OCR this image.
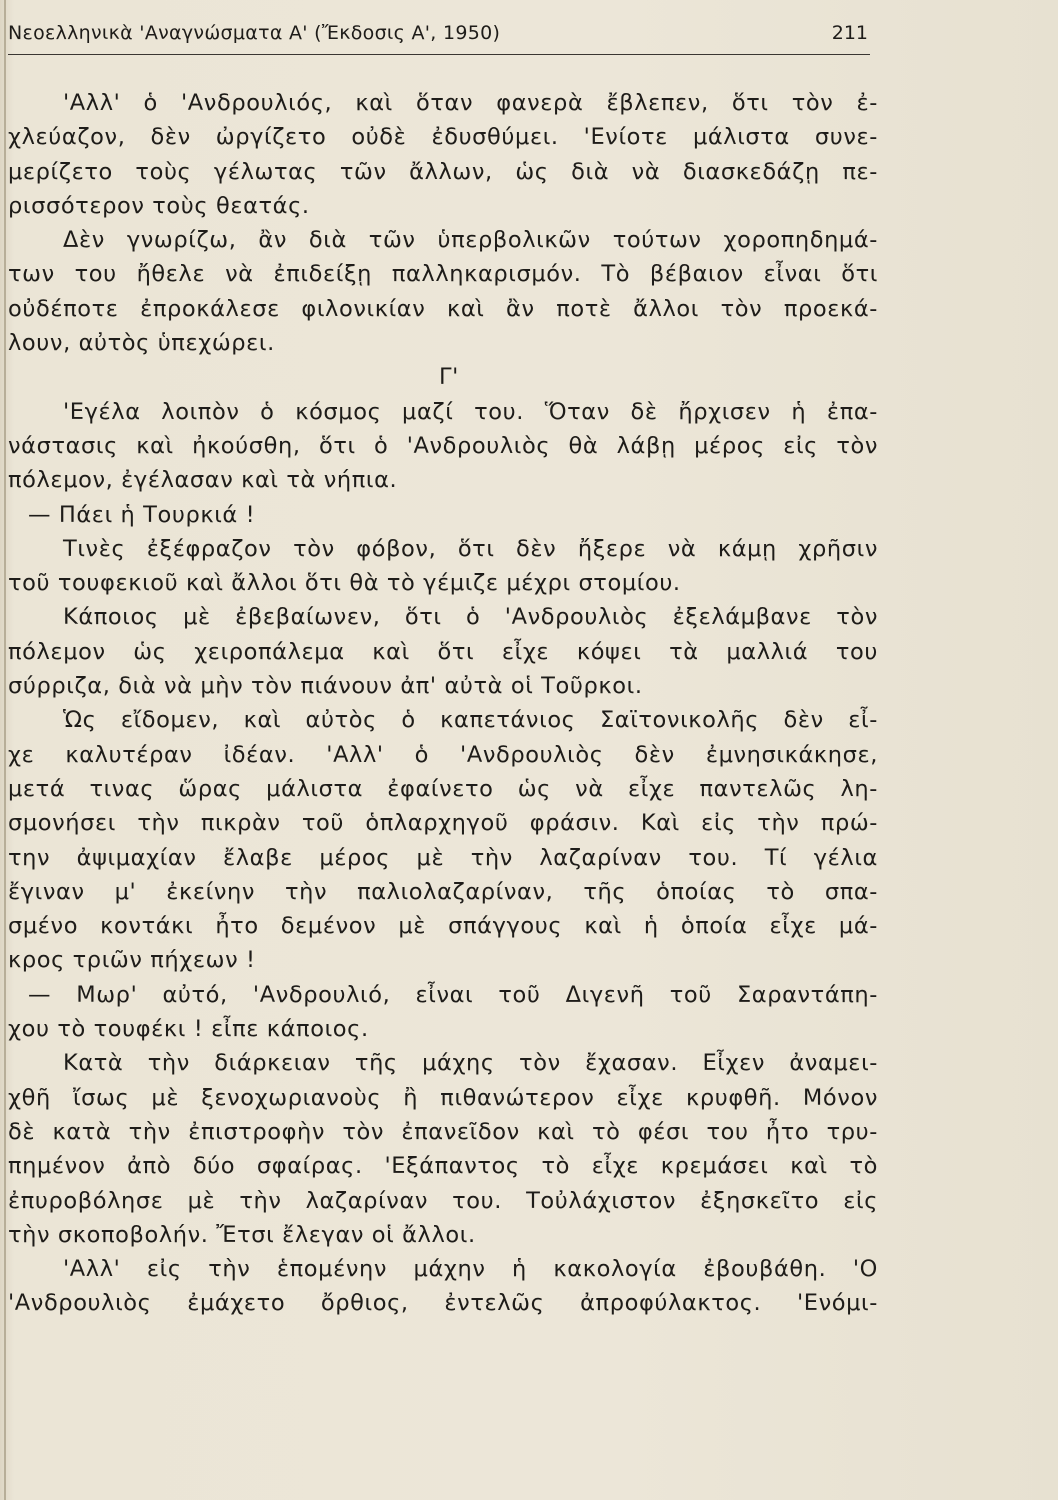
Νεοελληνικὰ 'Αναγνώσματα Α' (Ἔκδοσις Α', 1950)	211
'Αλλ' ὁ 'Ανδρουλιός, καὶ ὅταν φανερὰ ἔβλεπεν, ὅτι τὸν ἐ-
χλεύαζον, δὲν ὠργίζετο οὐδὲ ἐδυσθύμει. 'Ενίοτε μάλιστα συνε-
μερίζετο τοὺς γέλωτας τῶν ἄλλων, ὡς διὰ νὰ διασκεδάζῃ πε-
ρισσότερον τοὺς θεατάς.
Δὲν γνωρίζω, ἂν διὰ τῶν ὑπερβολικῶν τούτων χοροπηδημά-
των του ἤθελε νὰ ἐπιδείξῃ παλληκαρισμόν. Τὸ βέβαιον εἶναι ὅτι
οὐδέποτε ἐπροκάλεσε φιλονικίαν καὶ ἂν ποτὲ ἄλλοι τὸν προεκά-
λουν, αὐτὸς ὑπεχώρει.
Γ'
'Εγέλα λοιπὸν ὁ κόσμος μαζί του. Ὅταν δὲ ἤρχισεν ἡ ἐπα-
νάστασις καὶ ἠκούσθη, ὅτι ὁ 'Ανδρουλιὸς θὰ λάβῃ μέρος εἰς τὸν
πόλεμον, ἐγέλασαν καὶ τὰ νήπια.
— Πάει ἡ Τουρκιά !
Τινὲς ἐξέφραζον τὸν φόβον, ὅτι δὲν ἤξερε νὰ κάμῃ χρῆσιν
τοῦ τουφεκιοῦ καὶ ἄλλοι ὅτι θὰ τὸ γέμιζε μέχρι στομίου.
Κάποιος μὲ ἐβεβαίωνεν, ὅτι ὁ 'Ανδρουλιὸς ἐξελάμβανε τὸν
πόλεμον ὡς χειροπάλεμα καὶ ὅτι εἶχε κόψει τὰ μαλλιά του
σύρριζα, διὰ νὰ μὴν τὸν πιάνουν ἀπ' αὐτὰ οἱ Τοῦρκοι.
Ὡς εἴδομεν, καὶ αὐτὸς ὁ καπετάνιος Σαϊτονικολῆς δὲν εἶ-
χε καλυτέραν ἰδέαν. 'Αλλ' ὁ 'Ανδρουλιὸς δὲν ἐμνησικάκησε,
μετά τινας ὥρας μάλιστα ἐφαίνετο ὡς νὰ εἶχε παντελῶς λη-
σμονήσει τὴν πικρὰν τοῦ ὁπλαρχηγοῦ φράσιν. Καὶ εἰς τὴν πρώ-
την ἀψιμαχίαν ἔλαβε μέρος μὲ τὴν λαζαρίναν του. Τί γέλια
ἔγιναν μ' ἐκείνην τὴν παλιολαζαρίναν, τῆς ὁποίας τὸ σπα-
σμένο κοντάκι ἦτο δεμένον μὲ σπάγγους καὶ ἡ ὁποία εἶχε μά-
κρος τριῶν πήχεων !
— Μωρ' αὐτό, 'Ανδρουλιό, εἶναι τοῦ Διγενῆ τοῦ Σαραντάπη-
χου τὸ τουφέκι ! εἶπε κάποιος.
Κατὰ τὴν διάρκειαν τῆς μάχης τὸν ἔχασαν. Εἶχεν ἀναμει-
χθῆ ἴσως μὲ ξενοχωριανοὺς ἢ πιθανώτερον εἶχε κρυφθῆ. Μόνον
δὲ κατὰ τὴν ἐπιστροφὴν τὸν ἐπανεῖδον καὶ τὸ φέσι του ἦτο τρυ-
πημένον ἀπὸ δύο σφαίρας. 'Εξάπαντος τὸ εἶχε κρεμάσει καὶ τὸ
ἐπυροβόλησε μὲ τὴν λαζαρίναν του. Τοὐλάχιστον ἐξησκεῖτο εἰς
τὴν σκοποβολήν. Ἔτσι ἔλεγαν οἱ ἄλλοι.
'Αλλ' εἰς τὴν ἑπομένην μάχην ἡ κακολογία ἐβουβάθη. 'Ο
'Ανδρουλιὸς ἐμάχετο ὄρθιος, ἐντελῶς ἀπροφύλακτος. 'Ενόμι-
